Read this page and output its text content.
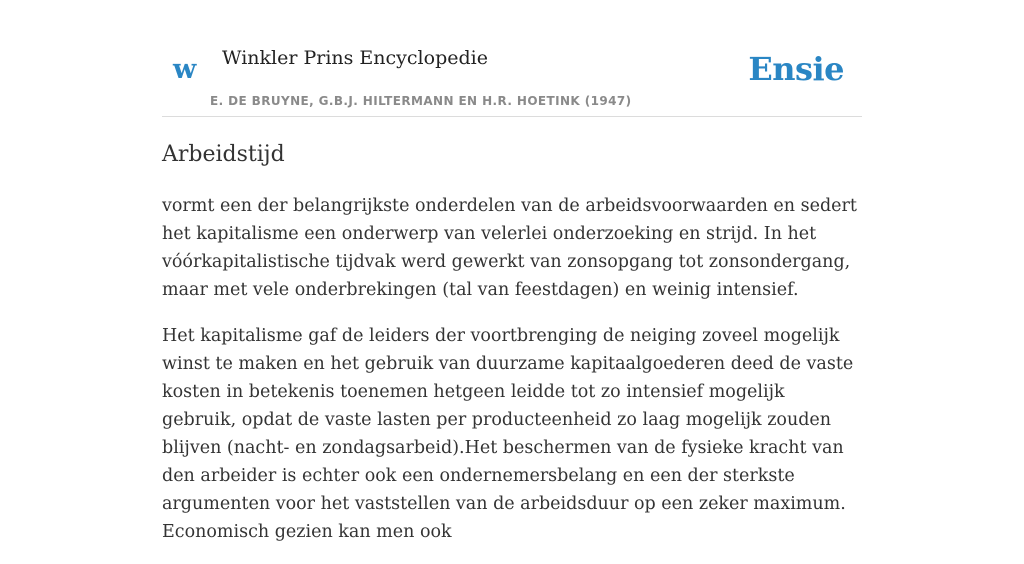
w Winkler Prins Encyclopedie
E. DE BRUYNE, G.B.J. HILTERMANN EN H.R. HOETINK (1947)
Ensie
Arbeidstijd

vormt een der belangrijkste onderdelen van de arbeidsvoorwaarden en sedert het kapitalisme een onderwerp van velerlei onderzoeking en strijd. In het vóórkapitalistische tijdvak werd gewerkt van zonsopgang tot zonsondergang, maar met vele onderbrekingen (tal van feestdagen) en weinig intensief.

Het kapitalisme gaf de leiders der voortbrenging de neiging zoveel mogelijk winst te maken en het gebruik van duurzame kapitaalgoederen deed de vaste kosten in betekenis toenemen hetgeen leidde tot zo intensief mogelijk gebruik, opdat de vaste lasten per producteenheid zo laag mogelijk zouden blijven (nacht- en zondagsarbeid).Het beschermen van de fysieke kracht van den arbeider is echter ook een ondernemersbelang en een der sterkste argumenten voor het vaststellen van de arbeidsduur op een zeker maximum. Economisch gezien kan men ook
